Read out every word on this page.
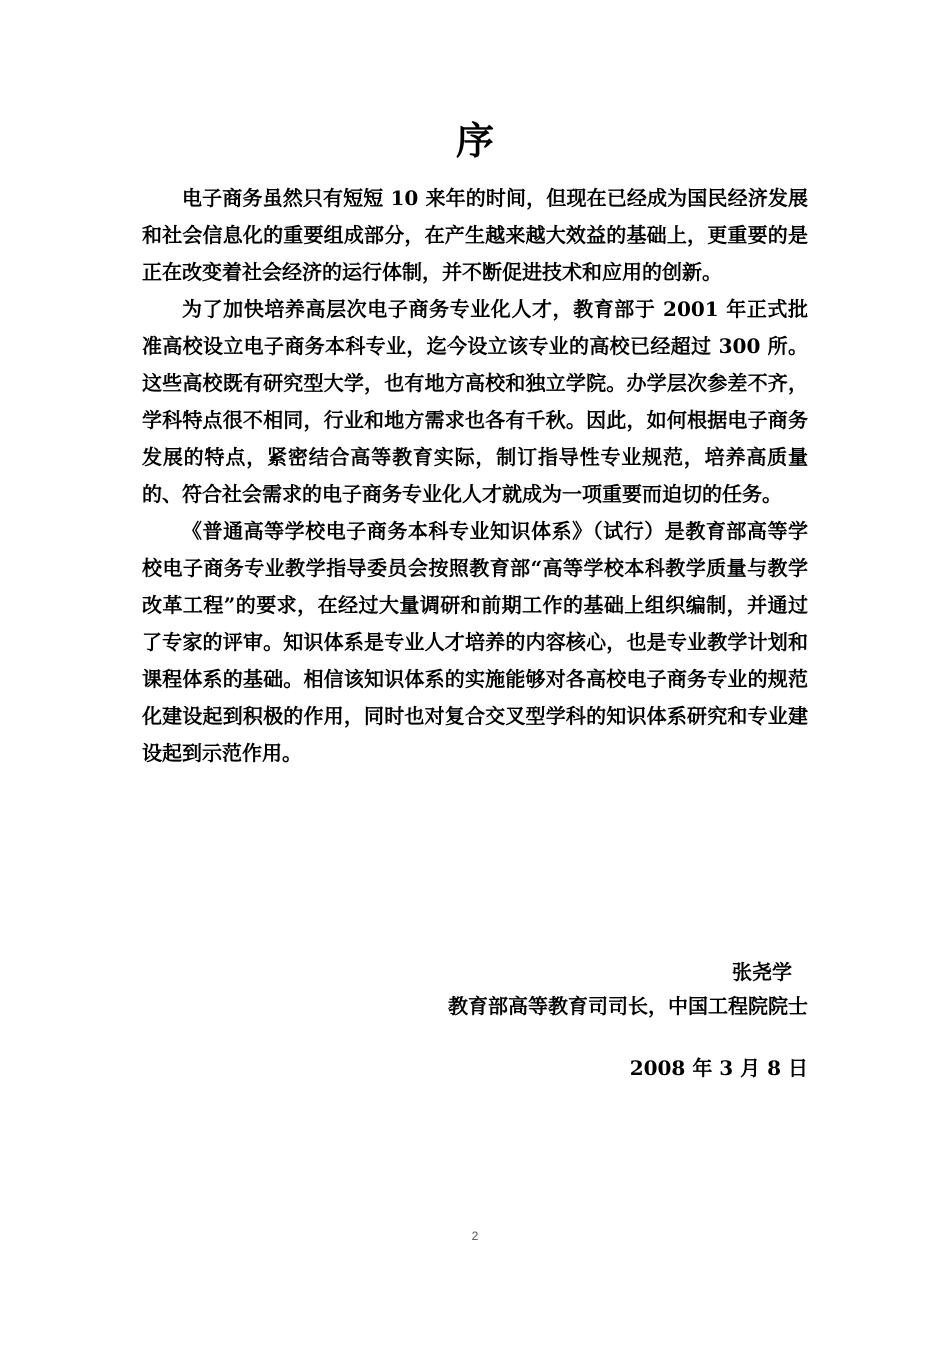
序

电子商务虽然只有短短 10 来年的时间，但现在已经成为国民经济发展和社会信息化的重要组成部分，在产生越来越大效益的基础上，更重要的是正在改变着社会经济的运行体制，并不断促进技术和应用的创新。

为了加快培养高层次电子商务专业化人才，教育部于 2001 年正式批准高校设立电子商务本科专业，迄今设立该专业的高校已经超过 300 所。这些高校既有研究型大学，也有地方高校和独立学院。办学层次参差不齐，学科特点很不相同，行业和地方需求也各有千秋。因此，如何根据电子商务发展的特点，紧密结合高等教育实际，制订指导性专业规范，培养高质量的、符合社会需求的电子商务专业化人才就成为一项重要而迫切的任务。

《普通高等学校电子商务本科专业知识体系》（试行）是教育部高等学校电子商务专业教学指导委员会按照教育部“高等学校本科教学质量与教学改革工程”的要求，在经过大量调研和前期工作的基础上组织编制，并通过了专家的评审。知识体系是专业人才培养的内容核心，也是专业教学计划和课程体系的基础。相信该知识体系的实施能够对各高校电子商务专业的规范化建设起到积极的作用，同时也对复合交叉型学科的知识体系研究和专业建设起到示范作用。

张尧学
教育部高等教育司司长，中国工程院院士
2008 年 3 月 8 日
2
